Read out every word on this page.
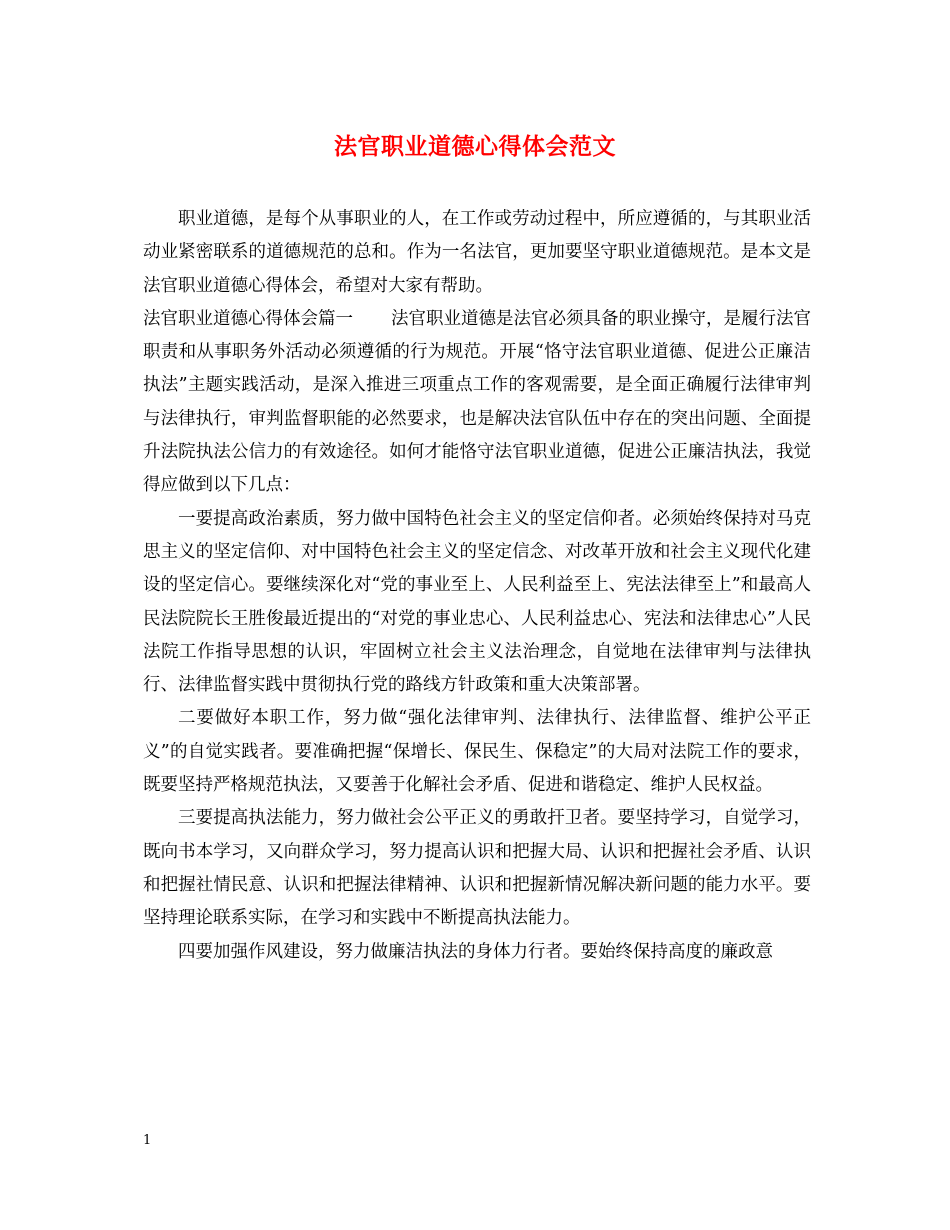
法官职业道德心得体会范文

职业道德，是每个从事职业的人，在工作或劳动过程中，所应遵循的，与其职业活动业紧密联系的道德规范的总和。作为一名法官，更加要坚守职业道德规范。是本文是法官职业道德心得体会，希望对大家有帮助。

法官职业道德心得体会篇一 法官职业道德是法官必须具备的职业操守，是履行法官职责和从事职务外活动必须遵循的行为规范。开展“恪守法官职业道德、促进公正廉洁执法”主题实践活动，是深入推进三项重点工作的客观需要，是全面正确履行法律审判与法律执行，审判监督职能的必然要求，也是解决法官队伍中存在的突出问题、全面提升法院执法公信力的有效途径。如何才能恪守法官职业道德，促进公正廉洁执法，我觉得应做到以下几点：

一要提高政治素质，努力做中国特色社会主义的坚定信仰者。必须始终保持对马克思主义的坚定信仰、对中国特色社会主义的坚定信念、对改革开放和社会主义现代化建设的坚定信心。要继续深化对“党的事业至上、人民利益至上、宪法法律至上”和最高人民法院院长王胜俊最近提出的“对党的事业忠心、人民利益忠心、宪法和法律忠心”人民法院工作指导思想的认识，牢固树立社会主义法治理念，自觉地在法律审判与法律执行、法律监督实践中贯彻执行党的路线方针政策和重大决策部署。

二要做好本职工作，努力做“强化法律审判、法律执行、法律监督、维护公平正义”的自觉实践者。要准确把握“保增长、保民生、保稳定”的大局对法院工作的要求，既要坚持严格规范执法，又要善于化解社会矛盾、促进和谐稳定、维护人民权益。

三要提高执法能力，努力做社会公平正义的勇敢扞卫者。要坚持学习，自觉学习，既向书本学习，又向群众学习，努力提高认识和把握大局、认识和把握社会矛盾、认识和把握社情民意、认识和把握法律精神、认识和把握新情况解决新问题的能力水平。要坚持理论联系实际，在学习和实践中不断提高执法能力。

四要加强作风建设，努力做廉洁执法的身体力行者。要始终保持高度的廉政意

1
